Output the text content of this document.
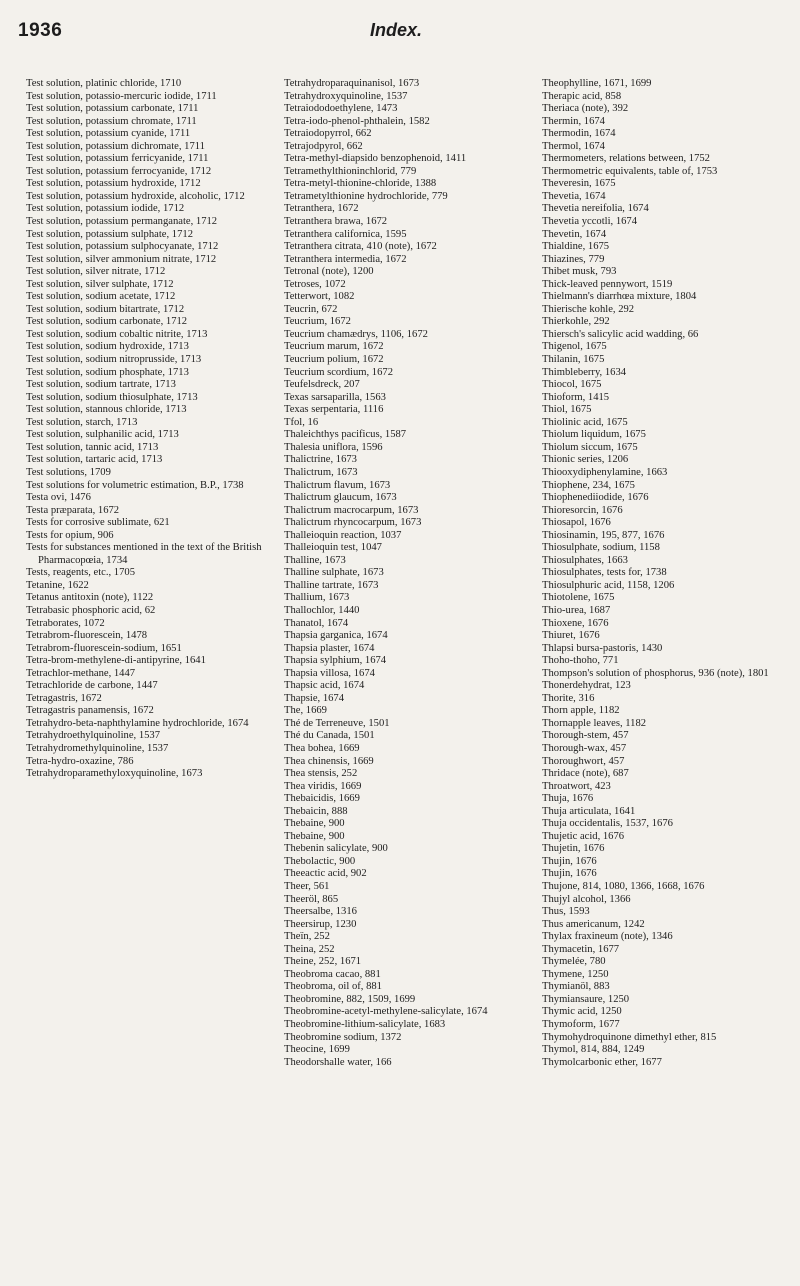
1936	Index.
Test solution, platinic chloride, 1710
Test solution, potassio-mercuric iodide, 1711
Test solution, potassium carbonate, 1711
Test solution, potassium chromate, 1711
Test solution, potassium cyanide, 1711
Test solution, potassium dichromate, 1711
Test solution, potassium ferricyanide, 1711
Test solution, potassium ferrocyanide, 1712
Test solution, potassium hydroxide, 1712
Test solution, potassium hydroxide, alcoholic, 1712
Test solution, potassium iodide, 1712
Test solution, potassium permanganate, 1712
Test solution, potassium sulphate, 1712
Test solution, potassium sulphocyanate, 1712
Test solution, silver ammonium nitrate, 1712
Test solution, silver nitrate, 1712
Test solution, silver sulphate, 1712
Test solution, sodium acetate, 1712
Test solution, sodium bitartrate, 1712
Test solution, sodium carbonate, 1712
Test solution, sodium cobaltic nitrite, 1713
Test solution, sodium hydroxide, 1713
Test solution, sodium nitroprusside, 1713
Test solution, sodium phosphate, 1713
Test solution, sodium tartrate, 1713
Test solution, sodium thiosulphate, 1713
Test solution, stannous chloride, 1713
Test solution, starch, 1713
Test solution, sulphanilic acid, 1713
Test solution, tannic acid, 1713
Test solution, tartaric acid, 1713
Test solutions, 1709
Test solutions for volumetric estimation, B.P., 1738
Testa ovi, 1476
Testa præparata, 1672
Tests for corrosive sublimate, 621
Tests for opium, 906
Tests for substances mentioned in the text of the British Pharmacopœia, 1734
Tests, reagents, etc., 1705
Tetanine, 1622
Tetanus antitoxin (note), 1122
Tetrabasic phosphoric acid, 62
Tetraborates, 1072
Tetrabrom-fluorescein, 1478
Tetrabrom-fluorescein-sodium, 1651
Tetra-brom-methylene-di-antipyrine, 1641
Tetrachlor-methane, 1447
Tetrachloride de carbone, 1447
Tetragastris, 1672
Tetragastris panamensis, 1672
Tetrahydro-beta-naphthylamine hydrochloride, 1674
Tetrahydroethylquinoline, 1537
Tetrahydromethylquinoline, 1537
Tetra-hydro-oxazine, 786
Tetrahydroparamethyloxyquinoline, 1673
Tetrahydroparaquinanisol, 1673
Tetrahydroxyquinoline, 1537
Tetraiododoethylene, 1473
Tetra-iodo-phenol-phthalein, 1582
Tetraiodopyrrol, 662
Tetrajodpyrol, 662
Tetra-methyl-diapsido benzophenoid, 1411
Tetramethylthioninchlorid, 779
Tetra-metyl-thionine-chloride, 1388
Tetrametylthionine hydrochloride, 779
Tetranthera, 1672
Tetranthera brawa, 1672
Tetranthera californica, 1595
Tetranthera citrata, 410 (note), 1672
Tetranthera intermedia, 1672
Tetronal (note), 1200
Tetroses, 1072
Tetterwort, 1082
Teucrin, 672
Teucrium, 1672
Teucrium chamædrys, 1106, 1672
Teucrium marum, 1672
Teucrium polium, 1672
Teucrium scordium, 1672
Teufelsdreck, 207
Texas sarsaparilla, 1563
Texas serpentaria, 1116
Tfol, 16
Thaleichthys pacificus, 1587
Thalesia uniflora, 1596
Thalictrine, 1673
Thalictrum, 1673
Thalictrum flavum, 1673
Thalictrum glaucum, 1673
Thalictrum macrocarpum, 1673
Thalictrum rhyncocarpum, 1673
Thalleioquin reaction, 1037
Thalleioquin test, 1047
Thalline, 1673
Thalline sulphate, 1673
Thalline tartrate, 1673
Thallium, 1673
Thallochlor, 1440
Thanatol, 1674
Thapsia garganica, 1674
Thapsia plaster, 1674
Thapsia sylphium, 1674
Thapsia villosa, 1674
Thapsic acid, 1674
Thapsie, 1674
The, 1669
Thé de Terreneuve, 1501
Thé du Canada, 1501
Thea bohea, 1669
Thea chinensis, 1669
Thea stensis, 252
Thea viridis, 1669
Thebaicidis, 1669
Thebaicin, 888
Thebaine, 900
Thebaine, 900
Thebenin salicylate, 900
Thebolactic, 900
Theeactic acid, 902
Theer, 561
Theeröl, 865
Theersalbe, 1316
Theersirup, 1230
Theïn, 252
Theina, 252
Theine, 252, 1671
Theobroma cacao, 881
Theobroma, oil of, 881
Theobromine, 882, 1509, 1699
Theobromine-acetyl-methylene-salicylate, 1674
Theobromine-lithium-salicylate, 1683
Theobromine sodium, 1372
Theocine, 1699
Theodorshalle water, 166
Theophylline, 1671, 1699
Therapic acid, 858
Theriaca (note), 392
Thermin, 1674
Thermodin, 1674
Thermol, 1674
Thermometers, relations between, 1752
Thermometric equivalents, table of, 1753
Theveresin, 1675
Thevetia, 1674
Thevetia nereifolia, 1674
Thevetia yccotli, 1674
Thevetin, 1674
Thialdine, 1675
Thiazines, 779
Thibet musk, 793
Thick-leaved pennywort, 1519
Thielmann's diarrhœa mixture, 1804
Thierische kohle, 292
Thierkohle, 292
Thiersch's salicylic acid wadding, 66
Thigenol, 1675
Thilanin, 1675
Thimbleberry, 1634
Thiocol, 1675
Thioform, 1415
Thiol, 1675
Thiolinic acid, 1675
Thiolum liquidum, 1675
Thiolum siccum, 1675
Thionic series, 1206
Thiooxydiphenylamine, 1663
Thiophene, 234, 1675
Thiophenediiodide, 1676
Thioresorcin, 1676
Thiosapol, 1676
Thiosinamin, 195, 877, 1676
Thiosulphate, sodium, 1158
Thiosulphates, 1663
Thiosulphates, tests for, 1738
Thiosulphuric acid, 1158, 1206
Thiotolene, 1675
Thio-urea, 1687
Thioxene, 1676
Thiuret, 1676
Thlapsi bursa-pastoris, 1430
Thoho-thoho, 771
Thompson's solution of phosphorus, 936 (note), 1801
Thonerdehydrat, 123
Thorite, 316
Thorn apple, 1182
Thornapple leaves, 1182
Thorough-stem, 457
Thorough-wax, 457
Thoroughwort, 457
Thridace (note), 687
Throatwort, 423
Thuja, 1676
Thuja articulata, 1641
Thuja occidentalis, 1537, 1676
Thujetic acid, 1676
Thujetin, 1676
Thujin, 1676
Thujin, 1676
Thujone, 814, 1080, 1366, 1668, 1676
Thujyl alcohol, 1366
Thus, 1593
Thus americanum, 1242
Thylax fraxineum (note), 1346
Thymacetin, 1677
Thymelée, 780
Thymene, 1250
Thymianöl, 883
Thymiansaure, 1250
Thymic acid, 1250
Thymoform, 1677
Thymohydroquinone dimethyl ether, 815
Thymol, 814, 884, 1249
Thymolcarbonic ether, 1677
